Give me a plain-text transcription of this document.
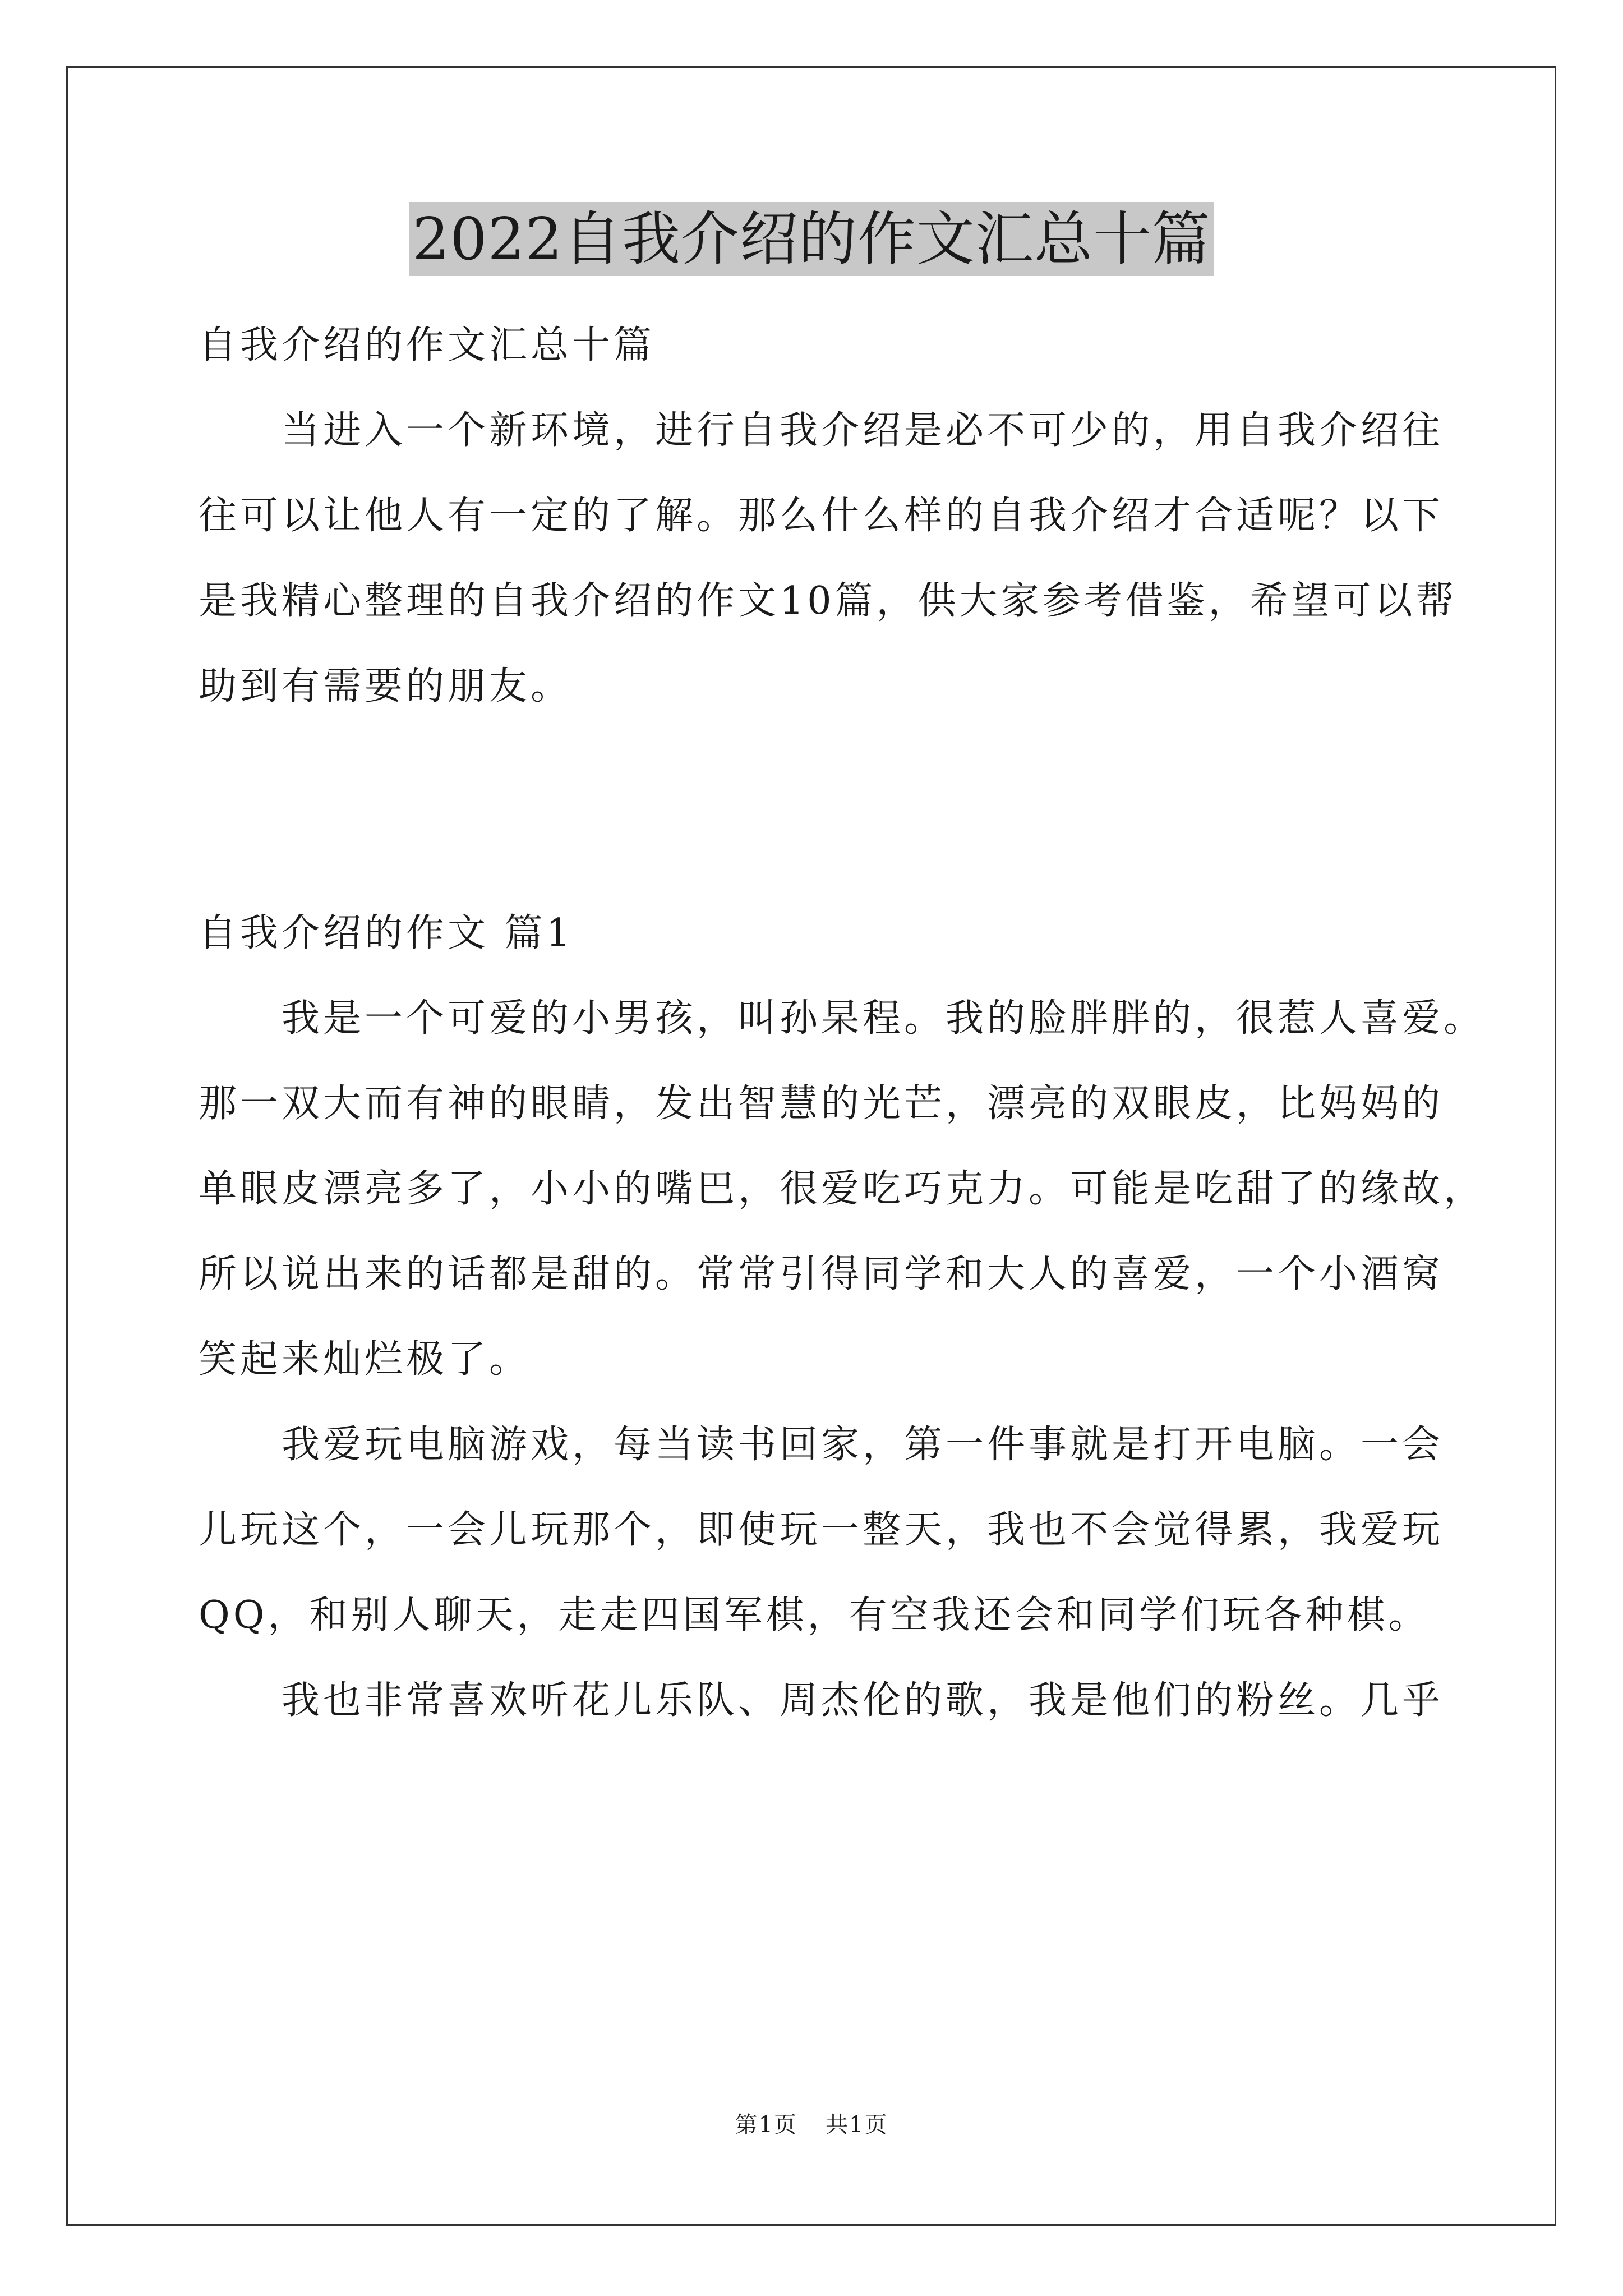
2022自我介绍的作文汇总十篇

自我介绍的作文汇总十篇

当进入一个新环境，进行自我介绍是必不可少的，用自我介绍往

往可以让他人有一定的了解。那么什么样的自我介绍才合适呢？以下

是我精心整理的自我介绍的作文10篇，供大家参考借鉴，希望可以帮

助到有需要的朋友。

自我介绍的作文 篇1

我是一个可爱的小男孩，叫孙杲程。我的脸胖胖的，很惹人喜爱。

那一双大而有神的眼睛，发出智慧的光芒，漂亮的双眼皮，比妈妈的

单眼皮漂亮多了，小小的嘴巴，很爱吃巧克力。可能是吃甜了的缘故，

所以说出来的话都是甜的。常常引得同学和大人的喜爱，一个小酒窝

笑起来灿烂极了。

我爱玩电脑游戏，每当读书回家，第一件事就是打开电脑。一会

儿玩这个，一会儿玩那个，即使玩一整天，我也不会觉得累，我爱玩

QQ，和别人聊天，走走四国军棋，有空我还会和同学们玩各种棋。

我也非常喜欢听花儿乐队、周杰伦的歌，我是他们的粉丝。几乎

第1页 共1页
